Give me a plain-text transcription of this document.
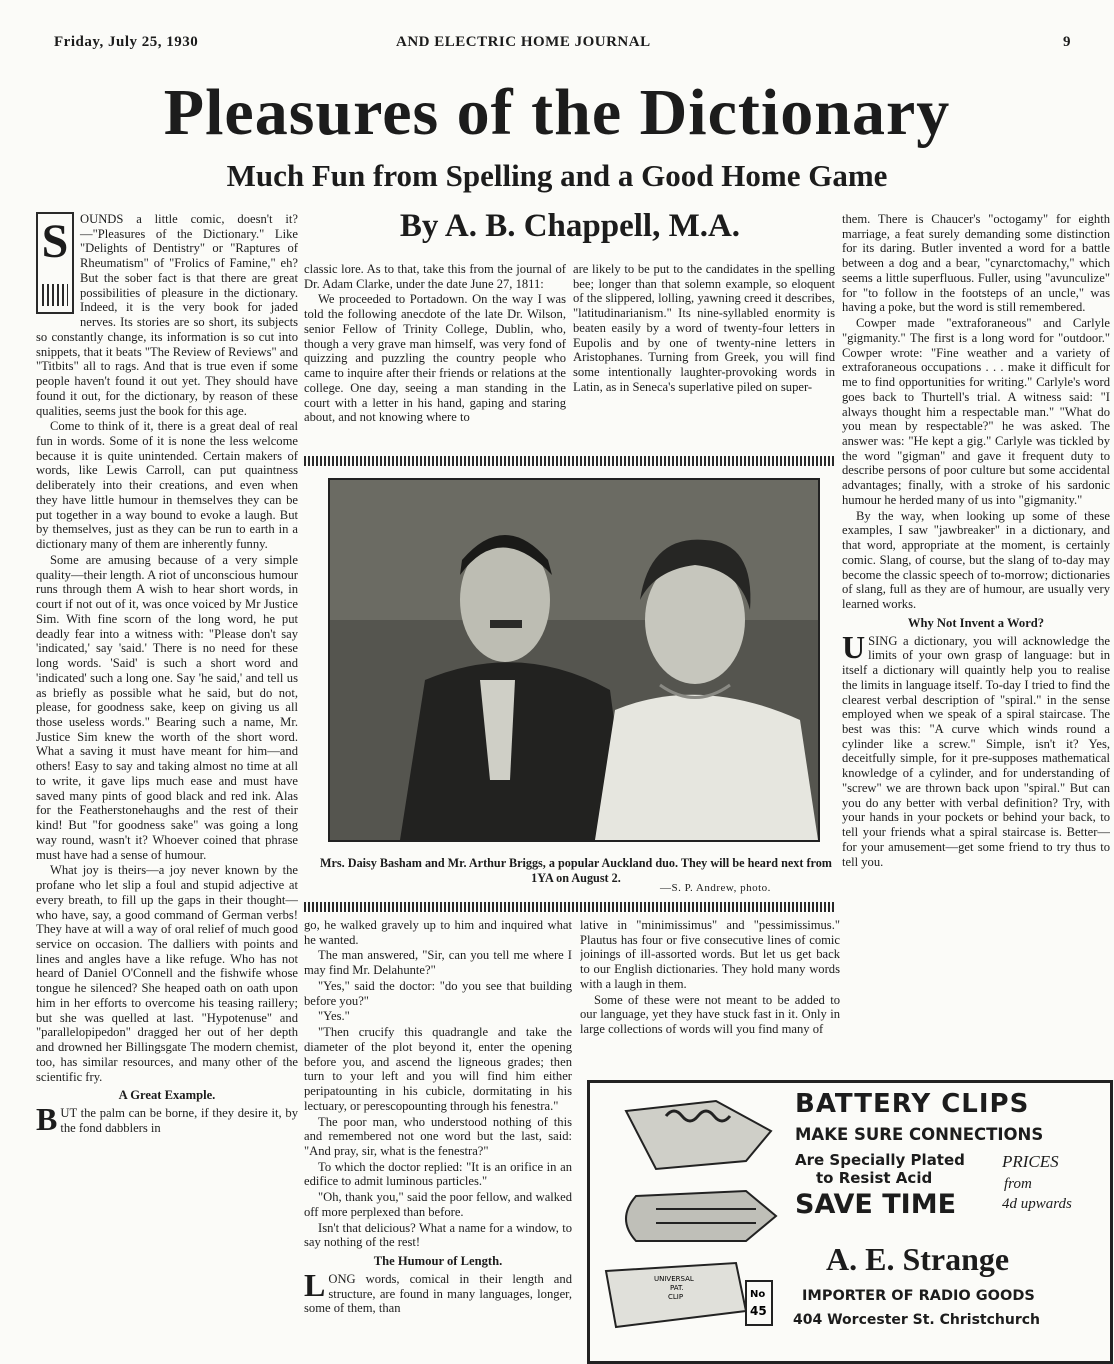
Friday, July 25, 1930	AND ELECTRIC HOME JOURNAL	9
Pleasures of the Dictionary
Much Fun from Spelling and a Good Home Game
By A. B. Chappell, M.A.
S OUNDS a little comic, doesn't it?—"Pleasures of the Dictionary." Like "Delights of Dentistry" or "Raptures of Rheumatism" of "Frolics of Famine," eh? But the sober fact is that there are great possibilities of pleasure in the dictionary. Indeed, it is the very book for jaded nerves. Its stories are so short, its subjects so constantly change, its information is so cut into snippets, that it beats "The Review of Reviews" and "Titbits" all to rags. And that is true even if some people haven't found it out yet. They should have found it out, for the dictionary, by reason of these qualities, seems just the book for this age.

Come to think of it, there is a great deal of real fun in words. Some of it is none the less welcome because it is quite unintended. Certain makers of words, like Lewis Carroll, can put quaintness deliberately into their creations, and even when they have little humour in themselves they can be put together in a way bound to evoke a laugh. But by themselves, just as they can be run to earth in a dictionary many of them are inherently funny.

Some are amusing because of a very simple quality—their length. A riot of unconscious humour runs through them A wish to hear short words, in court if not out of it, was once voiced by Mr Justice Sim. With fine scorn of the long word, he put deadly fear into a witness with: "Please don't say 'indicated,' say 'said.' There is no need for these long words. 'Said' is such a short word and 'indicated' such a long one. Say 'he said,' and tell us as briefly as possible what he said, but do not, please, for goodness sake, keep on giving us all those useless words." Bearing such a name, Mr. Justice Sim knew the worth of the short word. What a saving it must have meant for him—and others! Easy to say and taking almost no time at all to write, it gave lips much ease and must have saved many pints of good black and red ink. Alas for the Featherstonehaughs and the rest of their kind! But "for goodness sake" was going a long way round, wasn't it? Whoever coined that phrase must have had a sense of humour.

What joy is theirs—a joy never known by the profane who let slip a foul and stupid adjective at every breath, to fill up the gaps in their thought—who have, say, a good command of German verbs! They have at will a way of oral relief of much good service on occasion. The dalliers with points and lines and angles have a like refuge. Who has not heard of Daniel O'Connell and the fishwife whose tongue he silenced? She heaped oath on oath upon him in her efforts to overcome his teasing raillery; but she was quelled at last. "Hypotenuse" and "parallelopipedon" dragged her out of her depth and drowned her Billingsgate The modern chemist, too, has similar resources, and many other of the scientific fry.

A Great Example.

BUT the palm can be borne, if they desire it, by the fond dabblers in

classic lore. As to that, take this from the journal of Dr. Adam Clarke, under the date June 27, 1811:

We proceeded to Portadown. On the way I was told the following anecdote of the late Dr. Wilson, senior Fellow of Trinity College, Dublin, who, though a very grave man himself, was very fond of quizzing and puzzling the country people who came to inquire after their friends or relations at the college. One day, seeing a man standing in the court with a letter in his hand, gaping and staring about, and not knowing where to

are likely to be put to the candidates in the spelling bee; longer than that solemn example, so eloquent of the slippered, lolling, yawning creed it describes, "latitudinarianism." Its nine-syllabled enormity is beaten easily by a word of twenty-four letters in Eupolis and by one of twenty-nine letters in Aristophanes. Turning from Greek, you will find some intentionally laughter-provoking words in Latin, as in Seneca's superlative piled on super-

Mrs. Daisy Basham and Mr. Arthur Briggs, a popular Auckland duo. They will be heard next from 1YA on August 2.
—S. P. Andrew, photo.

go, he walked gravely up to him and inquired what he wanted.

The man answered, "Sir, can you tell me where I may find Mr. Delahunte?"

"Yes," said the doctor: "do you see that building before you?"

"Yes."

"Then crucify this quadrangle and take the diameter of the plot beyond it, enter the opening before you, and ascend the ligneous grades; then turn to your left and you will find him either peripatounting in his cubicle, dormitating in his lectuary, or perescopounting through his fenestra."

The poor man, who understood nothing of this and remembered not one word but the last, said: "And pray, sir, what is the fenestra?"

To which the doctor replied: "It is an orifice in an edifice to admit luminous particles."

"Oh, thank you," said the poor fellow, and walked off more perplexed than before.

Isn't that delicious? What a name for a window, to say nothing of the rest!

The Humour of Length.

LONG words, comical in their length and structure, are found in many languages, longer, some of them, than

lative in "minimissimus" and "pessimissimus." Plautus has four or five consecutive lines of comic joinings of ill-assorted words. But let us get back to our English dictionaries. They hold many words with a laugh in them.

Some of these were not meant to be added to our language, yet they have stuck fast in it. Only in large collections of words will you find many of

them. There is Chaucer's "octogamy" for eighth marriage, a feat surely demanding some distinction for its daring. Butler invented a word for a battle between a dog and a bear, "cynarctomachy," which seems a little superfluous. Fuller, using "avunculize" for "to follow in the footsteps of an uncle," was having a poke, but the word is still remembered.

Cowper made "extraforaneous" and Carlyle "gigmanity." The first is a long word for "outdoor." Cowper wrote: "Fine weather and a variety of extraforaneous occupations . . . make it difficult for me to find opportunities for writing." Carlyle's word goes back to Thurtell's trial. A witness said: "I always thought him a respectable man." "What do you mean by respectable?" he was asked. The answer was: "He kept a gig." Carlyle was tickled by the word "gigman" and gave it frequent duty to describe persons of poor culture but some accidental advantages; finally, with a stroke of his sardonic humour he herded many of us into "gigmanity."

By the way, when looking up some of these examples, I saw "jawbreaker" in a dictionary, and that word, appropriate at the moment, is certainly comic. Slang, of course, but the slang of to-day may become the classic speech of to-morrow; dictionaries of slang, full as they are of humour, are usually very learned works.

Why Not Invent a Word?

USING a dictionary, you will acknowledge the limits of your own grasp of language: but in itself a dictionary will quaintly help you to realise the limits in language itself. To-day I tried to find the clearest verbal description of "spiral." in the sense employed when we speak of a spiral staircase. The best was this: "A curve which winds round a cylinder like a screw." Simple, isn't it? Yes, deceitfully simple, for it pre-supposes mathematical knowledge of a cylinder, and for understanding of "screw" we are thrown back upon "spiral." But can you do any better with verbal definition? Try, with your hands in your pockets or behind your back, to tell your friends what a spiral staircase is. Better—for your amusement—get some friend to try thus to tell you.

UNIVERSAL
PAT.
CLIP	No
45
BATTERY CLIPS
MAKE SURE CONNECTIONS
Are Specially Plated
to Resist Acid
SAVE TIME
PRICES
from
4d upwards
A. E. Strange
IMPORTER OF RADIO GOODS
404 Worcester St. Christchurch
